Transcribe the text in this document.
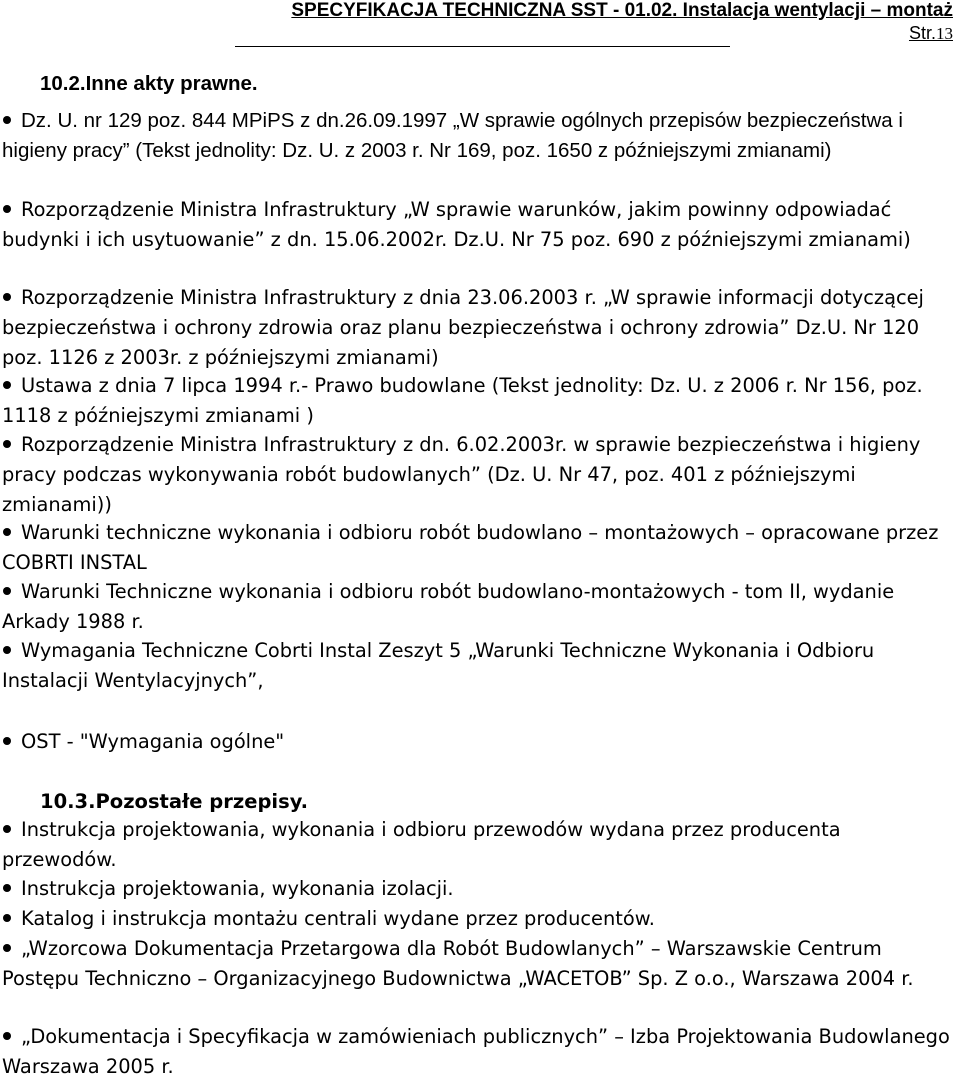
SPECYFIKACJA TECHNICZNA SST - 01.02. Instalacja wentylacji – montaż
Str.13
10.2.Inne akty prawne.
Dz. U. nr 129 poz. 844 MPiPS z dn.26.09.1997 „W sprawie ogólnych przepisów bezpieczeństwa i higieny pracy” (Tekst jednolity: Dz. U. z 2003 r. Nr 169, poz. 1650 z późniejszymi zmianami)
Rozporządzenie Ministra Infrastruktury „W sprawie warunków, jakim powinny odpowiadać budynki i ich usytuowanie” z dn. 15.06.2002r. Dz.U. Nr 75 poz. 690 z późniejszymi zmianami)
Rozporządzenie Ministra Infrastruktury z dnia 23.06.2003 r. „W sprawie informacji dotyczącej bezpieczeństwa i ochrony zdrowia oraz planu bezpieczeństwa i ochrony zdrowia” Dz.U. Nr 120 poz. 1126 z 2003r. z późniejszymi zmianami)
Ustawa z dnia 7 lipca 1994 r.- Prawo budowlane (Tekst jednolity: Dz. U. z 2006 r. Nr 156, poz. 1118 z późniejszymi zmianami )
Rozporządzenie Ministra Infrastruktury z dn. 6.02.2003r. w sprawie bezpieczeństwa i higieny pracy podczas wykonywania robót budowlanych” (Dz. U. Nr 47, poz. 401 z późniejszymi zmianami))
Warunki techniczne wykonania i odbioru robót budowlano – montażowych – opracowane przez COBRTI INSTAL
Warunki Techniczne wykonania i odbioru robót budowlano-montażowych - tom II, wydanie Arkady 1988 r.
Wymagania Techniczne Cobrti Instal Zeszyt 5 „Warunki Techniczne Wykonania i Odbioru Instalacji Wentylacyjnych”,
OST - "Wymagania ogólne"
10.3.Pozostałe przepisy.
Instrukcja projektowania, wykonania i odbioru przewodów wydana przez producenta przewodów.
Instrukcja projektowania, wykonania izolacji.
Katalog i instrukcja montażu centrali wydane przez producentów.
„Wzorcowa Dokumentacja Przetargowa dla Robót Budowlanych” – Warszawskie Centrum Postępu Techniczno – Organizacyjnego Budownictwa „WACETOB” Sp. Z o.o., Warszawa 2004 r.
„Dokumentacja i Specyfikacja w zamówieniach publicznych” – Izba Projektowania Budowlanego Warszawa 2005 r.
